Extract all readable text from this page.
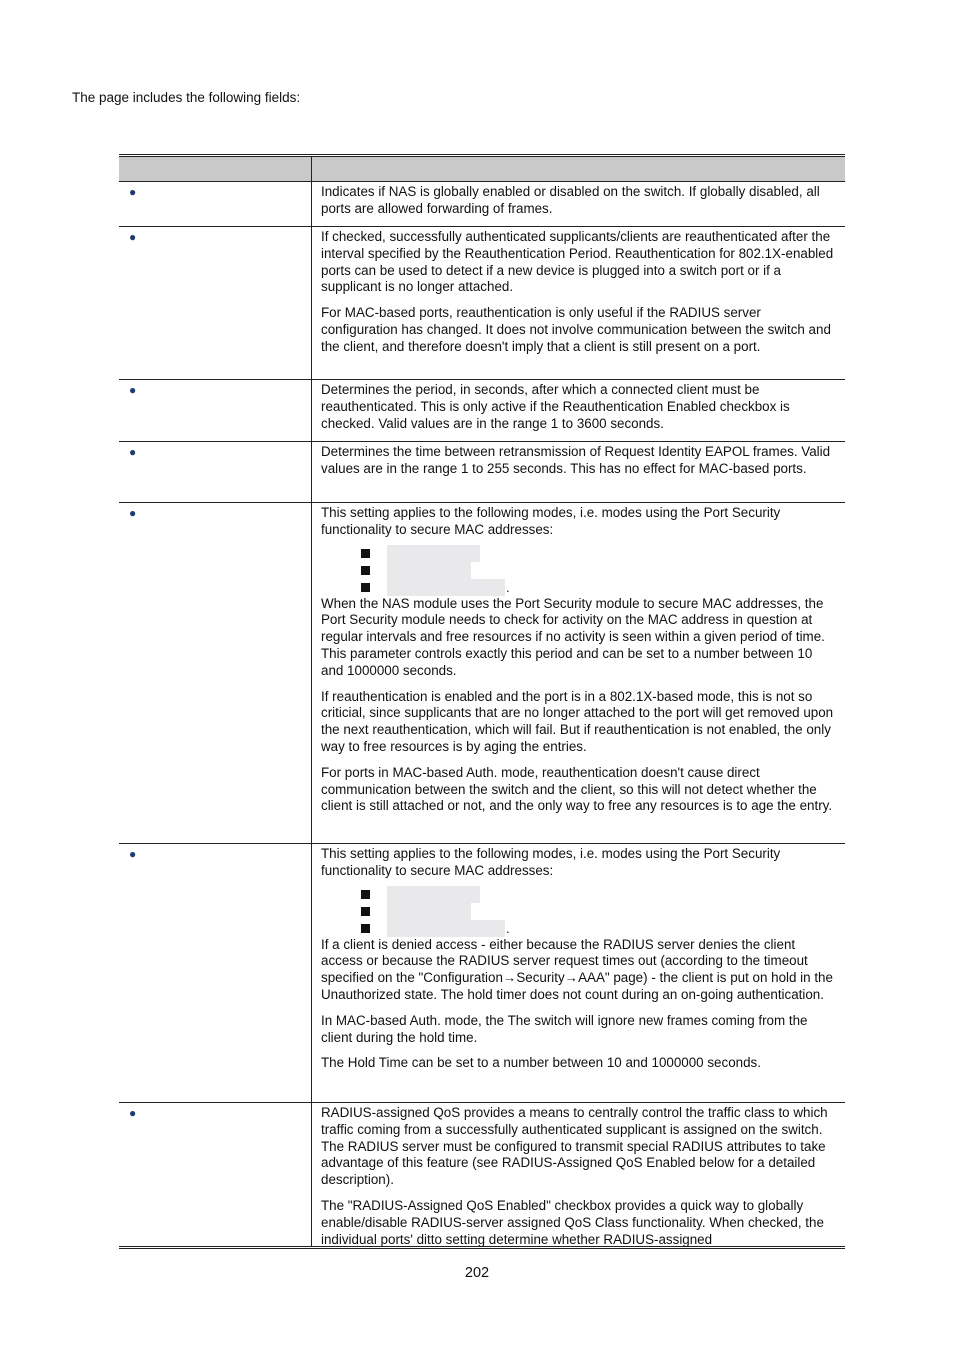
The page includes the following fields:

●	Indicates if NAS is globally enabled or disabled on the switch. If globally disabled, all ports are allowed forwarding of frames.

●	If checked, successfully authenticated supplicants/clients are reauthenticated after the interval specified by the Reauthentication Period. Reauthentication for 802.1X-enabled ports can be used to detect if a new device is plugged into a switch port or if a supplicant is no longer attached.

For MAC-based ports, reauthentication is only useful if the RADIUS server configuration has changed. It does not involve communication between the switch and the client, and therefore doesn't imply that a client is still present on a port.

●	Determines the period, in seconds, after which a connected client must be reauthenticated. This is only active if the Reauthentication Enabled checkbox is checked. Valid values are in the range 1 to 3600 seconds.

●	Determines the time between retransmission of Request Identity EAPOL frames. Valid values are in the range 1 to 255 seconds. This has no effect for MAC-based ports.

●	This setting applies to the following modes, i.e. modes using the Port Security functionality to secure MAC addresses:

.

When the NAS module uses the Port Security module to secure MAC addresses, the Port Security module needs to check for activity on the MAC address in question at regular intervals and free resources if no activity is seen within a given period of time. This parameter controls exactly this period and can be set to a number between 10 and 1000000 seconds.

If reauthentication is enabled and the port is in a 802.1X-based mode, this is not so criticial, since supplicants that are no longer attached to the port will get removed upon the next reauthentication, which will fail. But if reauthentication is not enabled, the only way to free resources is by aging the entries.

For ports in MAC-based Auth. mode, reauthentication doesn't cause direct communication between the switch and the client, so this will not detect whether the client is still attached or not, and the only way to free any resources is to age the entry.

●	This setting applies to the following modes, i.e. modes using the Port Security functionality to secure MAC addresses:

.

If a client is denied access - either because the RADIUS server denies the client access or because the RADIUS server request times out (according to the timeout specified on the "Configuration→Security→AAA" page) - the client is put on hold in the Unauthorized state. The hold timer does not count during an on-going authentication.

In MAC-based Auth. mode, the The switch will ignore new frames coming from the client during the hold time.

The Hold Time can be set to a number between 10 and 1000000 seconds.

●	RADIUS-assigned QoS provides a means to centrally control the traffic class to which traffic coming from a successfully authenticated supplicant is assigned on the switch. The RADIUS server must be configured to transmit special RADIUS attributes to take advantage of this feature (see RADIUS-Assigned QoS Enabled below for a detailed description).

The "RADIUS-Assigned QoS Enabled" checkbox provides a quick way to globally enable/disable RADIUS-server assigned QoS Class functionality. When checked, the individual ports' ditto setting determine whether RADIUS-assigned

202
